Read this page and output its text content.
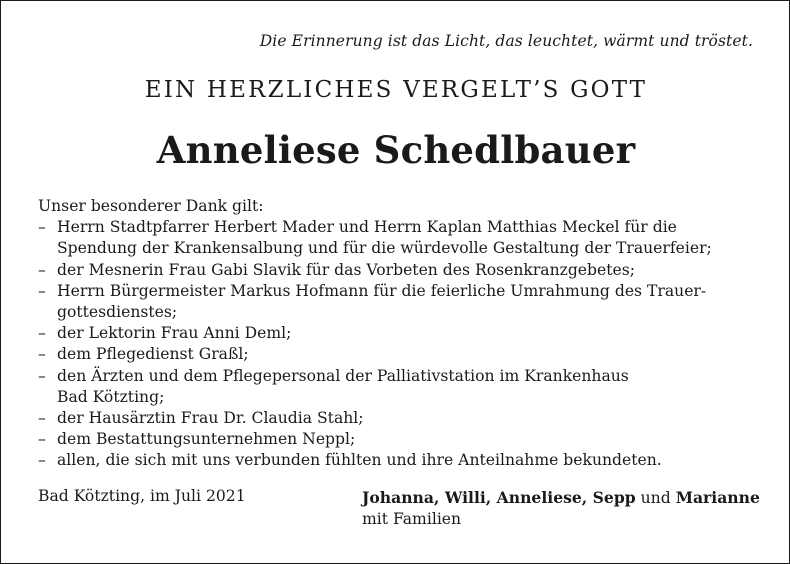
Die Erinnerung ist das Licht, das leuchtet, wärmt und tröstet.
EIN HERZLICHES VERGELT’S GOTT
Anneliese Schedlbauer

Unser besonderer Dank gilt:

– Herrn Stadtpfarrer Herbert Mader und Herrn Kaplan Matthias Meckel für die
Spendung der Krankensalbung und für die würdevolle Gestaltung der Trauerfeier;
– der Mesnerin Frau Gabi Slavik für das Vorbeten des Rosenkranzgebetes;
– Herrn Bürgermeister Markus Hofmann für die feierliche Umrahmung des Trauer-
gottesdienstes;
– der Lektorin Frau Anni Deml;
– dem Pflegedienst Graßl;
– den Ärzten und dem Pflegepersonal der Palliativstation im Krankenhaus
Bad Kötzting;
– der Hausärztin Frau Dr. Claudia Stahl;
– dem Bestattungsunternehmen Neppl;
– allen, die sich mit uns verbunden fühlten und ihre Anteilnahme bekundeten.
Bad Kötzting, im Juli 2021	Johanna, Willi, Anneliese, Sepp und Marianne
mit Familien
